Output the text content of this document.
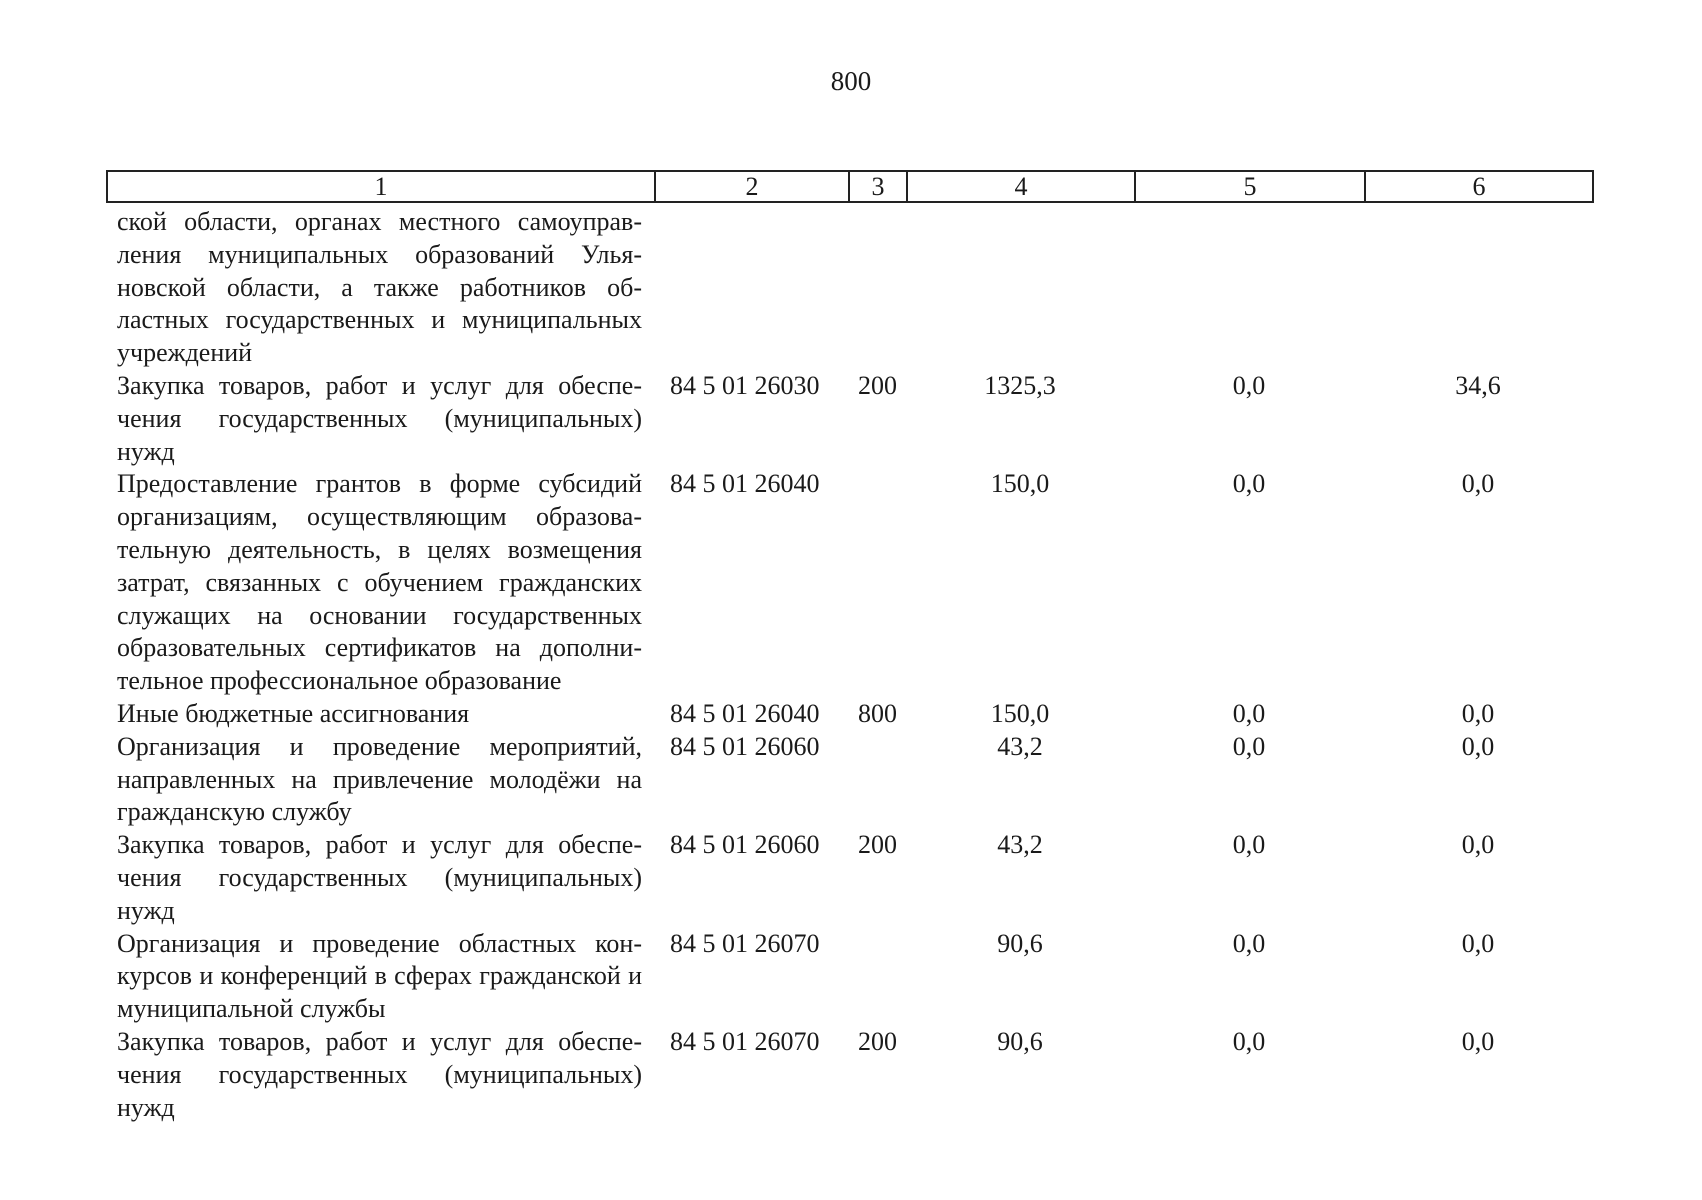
800
1	2	3	4	5	6
ской области, органах местного самоуправления муниципальных образований Ульяновской области, а также работников областных государственных и муниципальных учреждений					
Закупка товаров, работ и услуг для обеспечения государственных (муниципальных) нужд	84 5 01 26030	200	1325,3	0,0	34,6
Предоставление грантов в форме субсидий организациям, осуществляющим образовательную деятельность, в целях возмещения затрат, связанных с обучением гражданских служащих на основании государственных образовательных сертификатов на дополнительное профессиональное образование	84 5 01 26040		150,0	0,0	0,0
Иные бюджетные ассигнования	84 5 01 26040	800	150,0	0,0	0,0
Организация и проведение мероприятий, направленных на привлечение молодёжи на гражданскую службу	84 5 01 26060		43,2	0,0	0,0
Закупка товаров, работ и услуг для обеспечения государственных (муниципальных) нужд	84 5 01 26060	200	43,2	0,0	0,0
Организация и проведение областных конкурсов и конференций в сферах гражданской и муниципальной службы	84 5 01 26070		90,6	0,0	0,0
Закупка товаров, работ и услуг для обеспечения государственных (муниципальных) нужд	84 5 01 26070	200	90,6	0,0	0,0
